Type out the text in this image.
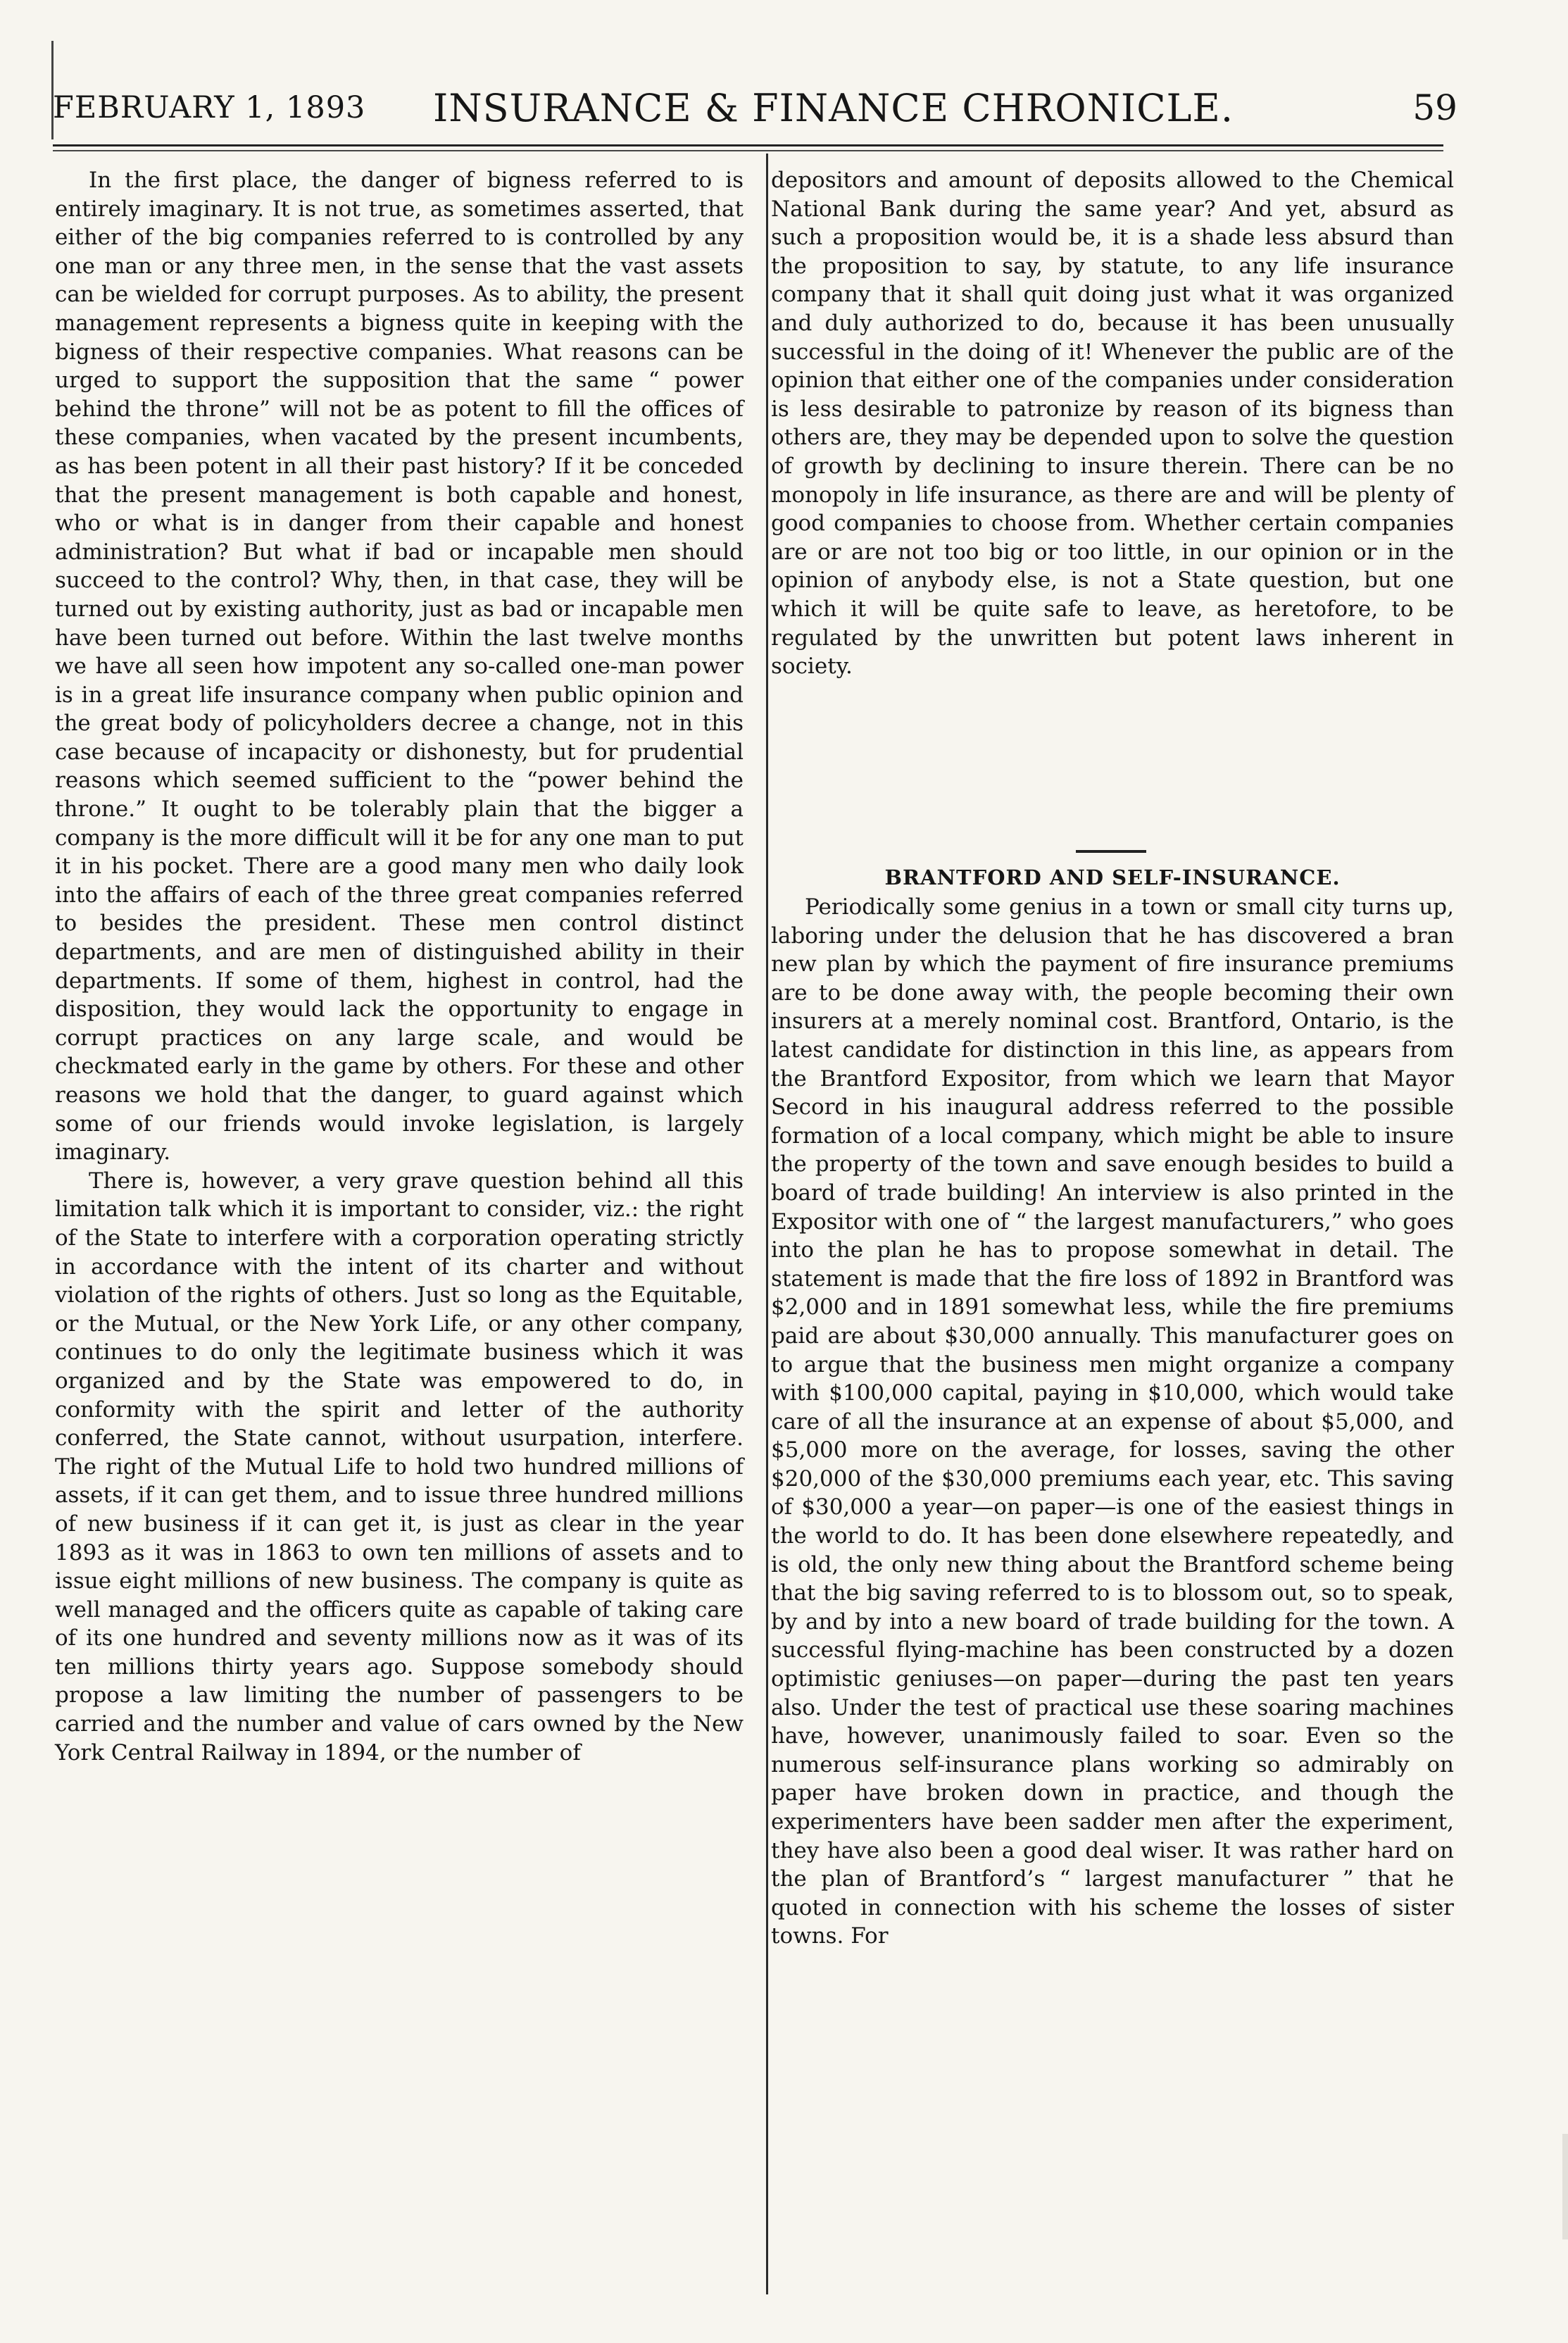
FEBRUARY 1, 1893 INSURANCE & FINANCE CHRONICLE.	59

In the first place, the danger of bigness referred to is entirely imaginary. It is not true, as sometimes asserted, that either of the big companies referred to is controlled by any one man or any three men, in the sense that the vast assets can be wielded for corrupt purposes. As to ability, the present management represents a bigness quite in keeping with the bigness of their respective companies. What reasons can be urged to support the supposition that the same “ power behind the throne” will not be as potent to fill the offices of these companies, when vacated by the present incumbents, as has been potent in all their past history? If it be conceded that the present management is both capable and honest, who or what is in danger from their capable and honest administration? But what if bad or incapable men should succeed to the control? Why, then, in that case, they will be turned out by existing authority, just as bad or incapable men have been turned out before. Within the last twelve months we have all seen how impotent any so-called one-man power is in a great life insurance company when public opinion and the great body of policyholders decree a change, not in this case because of incapacity or dishonesty, but for prudential reasons which seemed sufficient to the “power behind the throne.” It ought to be tolerably plain that the bigger a company is the more difficult will it be for any one man to put it in his pocket. There are a good many men who daily look into the affairs of each of the three great companies referred to besides the president. These men control distinct departments, and are men of distinguished ability in their departments. If some of them, highest in control, had the disposition, they would lack the opportunity to engage in corrupt practices on any large scale, and would be checkmated early in the game by others. For these and other reasons we hold that the danger, to guard against which some of our friends would invoke legislation, is largely imaginary.

There is, however, a very grave question behind all this limitation talk which it is important to consider, viz.: the right of the State to interfere with a corporation operating strictly in accordance with the intent of its charter and without violation of the rights of others. Just so long as the Equitable, or the Mutual, or the New York Life, or any other company, continues to do only the legitimate business which it was organized and by the State was empowered to do, in conformity with the spirit and letter of the authority conferred, the State cannot, without usurpation, interfere. The right of the Mutual Life to hold two hundred millions of assets, if it can get them, and to issue three hundred millions of new business if it can get it, is just as clear in the year 1893 as it was in 1863 to own ten millions of assets and to issue eight millions of new business. The company is quite as well managed and the officers quite as capable of taking care of its one hundred and seventy millions now as it was of its ten millions thirty years ago. Suppose somebody should propose a law limiting the number of passengers to be carried and the number and value of cars owned by the New York Central Railway in 1894, or the number of

depositors and amount of deposits allowed to the Chemical National Bank during the same year? And yet, absurd as such a proposition would be, it is a shade less absurd than the proposition to say, by statute, to any life insurance company that it shall quit doing just what it was organized and duly authorized to do, because it has been unusually successful in the doing of it! Whenever the public are of the opinion that either one of the companies under consideration is less desirable to patronize by reason of its bigness than others are, they may be depended upon to solve the question of growth by declining to insure therein. There can be no monopoly in life insurance, as there are and will be plenty of good companies to choose from. Whether certain companies are or are not too big or too little, in our opinion or in the opinion of anybody else, is not a State question, but one which it will be quite safe to leave, as heretofore, to be regulated by the unwritten but potent laws inherent in society.

BRANTFORD AND SELF-INSURANCE.

Periodically some genius in a town or small city turns up, laboring under the delusion that he has discovered a bran new plan by which the payment of fire insurance premiums are to be done away with, the people becoming their own insurers at a merely nominal cost. Brantford, Ontario, is the latest candidate for distinction in this line, as appears from the Brantford Expositor, from which we learn that Mayor Secord in his inaugural address referred to the possible formation of a local company, which might be able to insure the property of the town and save enough besides to build a board of trade building! An interview is also printed in the Expositor with one of “ the largest manufacturers,” who goes into the plan he has to propose somewhat in detail. The statement is made that the fire loss of 1892 in Brantford was $2,000 and in 1891 somewhat less, while the fire premiums paid are about $30,000 annually. This manufacturer goes on to argue that the business men might organize a company with $100,000 capital, paying in $10,000, which would take care of all the insurance at an expense of about $5,000, and $5,000 more on the average, for losses, saving the other $20,000 of the $30,000 premiums each year, etc. This saving of $30,000 a year—on paper—is one of the easiest things in the world to do. It has been done elsewhere repeatedly, and is old, the only new thing about the Brantford scheme being that the big saving referred to is to blossom out, so to speak, by and by into a new board of trade building for the town. A successful flying-machine has been constructed by a dozen optimistic geniuses—on paper—during the past ten years also. Under the test of practical use these soaring machines have, however, unanimously failed to soar. Even so the numerous self-insurance plans working so admirably on paper have broken down in practice, and though the experimenters have been sadder men after the experiment, they have also been a good deal wiser. It was rather hard on the plan of Brantford’s “ largest manufacturer ” that he quoted in connection with his scheme the losses of sister towns. For
